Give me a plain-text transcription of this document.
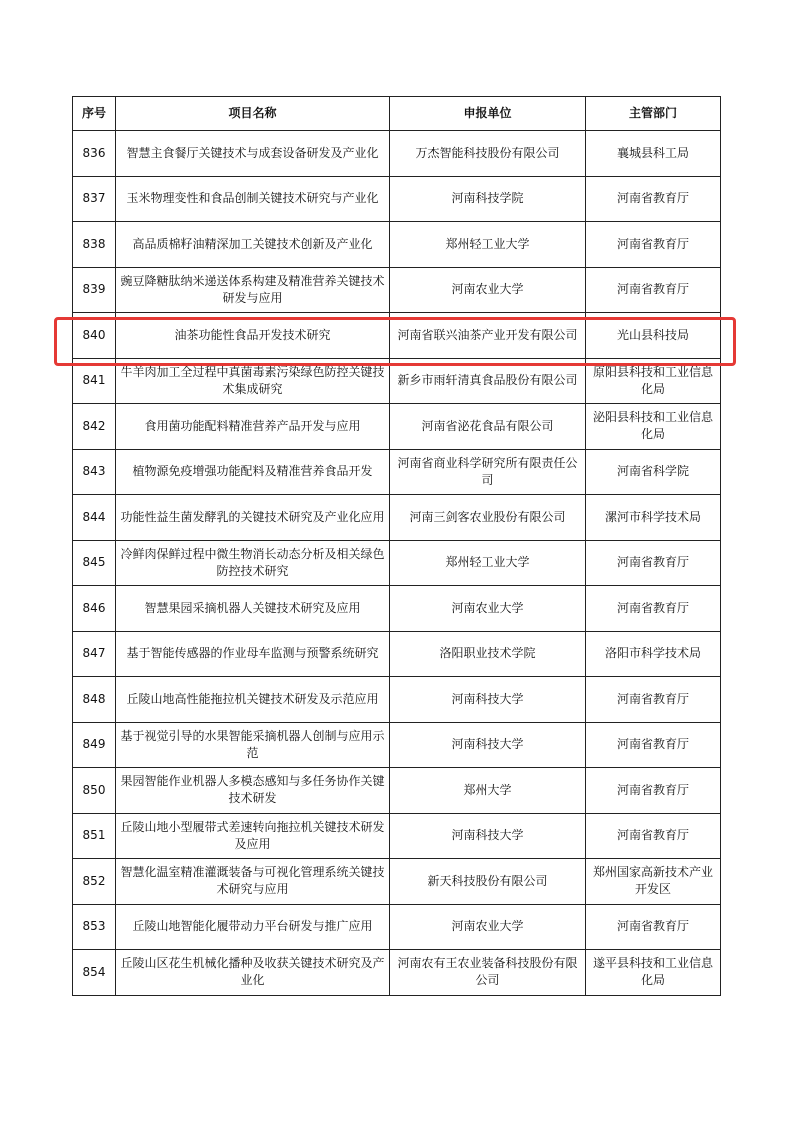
序号	项目名称	申报单位	主管部门
836	智慧主食餐厅关键技术与成套设备研发及产业化	万杰智能科技股份有限公司	襄城县科工局
837	玉米物理变性和食品创制关键技术研究与产业化	河南科技学院	河南省教育厅
838	高品质棉籽油精深加工关键技术创新及产业化	郑州轻工业大学	河南省教育厅
839	豌豆降糖肽纳米递送体系构建及精准营养关键技术研发与应用	河南农业大学	河南省教育厅
840	油茶功能性食品开发技术研究	河南省联兴油茶产业开发有限公司	光山县科技局
841	牛羊肉加工全过程中真菌毒素污染绿色防控关键技术集成研究	新乡市雨轩清真食品股份有限公司	原阳县科技和工业信息化局
842	食用菌功能配料精准营养产品开发与应用	河南省泌花食品有限公司	泌阳县科技和工业信息化局
843	植物源免疫增强功能配料及精准营养食品开发	河南省商业科学研究所有限责任公司	河南省科学院
844	功能性益生菌发酵乳的关键技术研究及产业化应用	河南三剑客农业股份有限公司	漯河市科学技术局
845	冷鲜肉保鲜过程中微生物消长动态分析及相关绿色防控技术研究	郑州轻工业大学	河南省教育厅
846	智慧果园采摘机器人关键技术研究及应用	河南农业大学	河南省教育厅
847	基于智能传感器的作业母车监测与预警系统研究	洛阳职业技术学院	洛阳市科学技术局
848	丘陵山地高性能拖拉机关键技术研发及示范应用	河南科技大学	河南省教育厅
849	基于视觉引导的水果智能采摘机器人创制与应用示范	河南科技大学	河南省教育厅
850	果园智能作业机器人多模态感知与多任务协作关键技术研发	郑州大学	河南省教育厅
851	丘陵山地小型履带式差速转向拖拉机关键技术研发及应用	河南科技大学	河南省教育厅
852	智慧化温室精准灌溉装备与可视化管理系统关键技术研究与应用	新天科技股份有限公司	郑州国家高新技术产业开发区
853	丘陵山地智能化履带动力平台研发与推广应用	河南农业大学	河南省教育厅
854	丘陵山区花生机械化播种及收获关键技术研究及产业化	河南农有王农业装备科技股份有限公司	遂平县科技和工业信息化局
